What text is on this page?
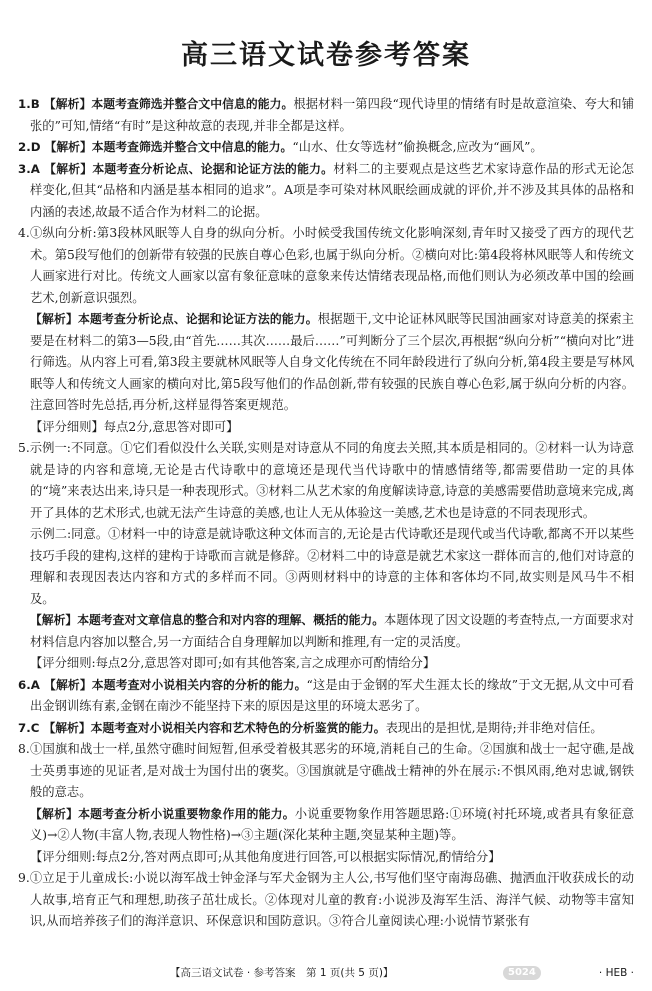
高三语文试卷参考答案

1.B 【解析】本题考查筛选并整合文中信息的能力。根据材料一第四段“现代诗里的情绪有时是故意渲染、夸大和铺张的”可知,情绪“有时”是这种故意的表现,并非全都是这样。

2.D 【解析】本题考查筛选并整合文中信息的能力。“山水、仕女等选材”偷换概念,应改为“画风”。

3.A 【解析】本题考查分析论点、论据和论证方法的能力。材料二的主要观点是这些艺术家诗意作品的形式无论怎样变化,但其“品格和内涵是基本相同的追求”。A项是李可染对林风眠绘画成就的评价,并不涉及其具体的品格和内涵的表述,故最不适合作为材料二的论据。

4.①纵向分析:第3段林风眠等人自身的纵向分析。小时候受我国传统文化影响深刻,青年时又接受了西方的现代艺术。第5段写他们的创新带有较强的民族自尊心色彩,也属于纵向分析。②横向对比:第4段将林风眠等人和传统文人画家进行对比。传统文人画家以富有象征意味的意象来传达情绪表现品格,而他们则认为必须改革中国的绘画艺术,创新意识强烈。

【解析】本题考查分析论点、论据和论证方法的能力。根据题干,文中论证林风眠等民国油画家对诗意美的探索主要是在材料二的第3—5段,由“首先……其次……最后……”可判断分了三个层次,再根据“纵向分析”“横向对比”进行筛选。从内容上可看,第3段主要就林风眠等人自身文化传统在不同年龄段进行了纵向分析,第4段主要是写林风眠等人和传统文人画家的横向对比,第5段写他们的作品创新,带有较强的民族自尊心色彩,属于纵向分析的内容。注意回答时先总括,再分析,这样显得答案更规范。

【评分细则】每点2分,意思答对即可】

5.示例一:不同意。①它们看似没什么关联,实则是对诗意从不同的角度去关照,其本质是相同的。②材料一认为诗意就是诗的内容和意境,无论是古代诗歌中的意境还是现代当代诗歌中的情感情绪等,都需要借助一定的具体的“境”来表达出来,诗只是一种表现形式。③材料二从艺术家的角度解读诗意,诗意的美感需要借助意境来完成,离开了具体的艺术形式,也就无法产生诗意的美感,也让人无从体验这一美感,艺术也是诗意的不同表现形式。

示例二:同意。①材料一中的诗意是就诗歌这种文体而言的,无论是古代诗歌还是现代或当代诗歌,都离不开以某些技巧手段的建构,这样的建构于诗歌而言就是修辞。②材料二中的诗意是就艺术家这一群体而言的,他们对诗意的理解和表现因表达内容和方式的多样而不同。③两则材料中的诗意的主体和客体均不同,故实则是风马牛不相及。

【解析】本题考查对文章信息的整合和对内容的理解、概括的能力。本题体现了因文设题的考查特点,一方面要求对材料信息内容加以整合,另一方面结合自身理解加以判断和推理,有一定的灵活度。

【评分细则:每点2分,意思答对即可;如有其他答案,言之成理亦可酌情给分】

6.A 【解析】本题考查对小说相关内容的分析的能力。“这是由于金钢的军犬生涯太长的缘故”于文无据,从文中可看出金钢训练有素,金钢在南沙不能坚持下来的原因是这里的环境太恶劣了。

7.C 【解析】本题考查对小说相关内容和艺术特色的分析鉴赏的能力。表现出的是担忧,是期待;并非绝对信任。

8.①国旗和战士一样,虽然守礁时间短暂,但承受着极其恶劣的环境,消耗自己的生命。②国旗和战士一起守礁,是战士英勇事迹的见证者,是对战士为国付出的褒奖。③国旗就是守礁战士精神的外在展示:不惧风雨,绝对忠诚,钢铁般的意志。

【解析】本题考查分析小说重要物象作用的能力。小说重要物象作用答题思路:①环境(衬托环境,或者具有象征意义)→②人物(丰富人物,表现人物性格)→③主题(深化某种主题,突显某种主题)等。

【评分细则:每点2分,答对两点即可;从其他角度进行回答,可以根据实际情况,酌情给分】

9.①立足于儿童成长:小说以海军战士钟金泽与军犬金钢为主人公,书写他们坚守南海岛礁、抛洒血汗收获成长的动人故事,培育正气和理想,助孩子茁壮成长。②体现对儿童的教育:小说涉及海军生活、海洋气候、动物等丰富知识,从而培养孩子们的海洋意识、环保意识和国防意识。③符合儿童阅读心理:小说情节紧张有

【高三语文试卷 · 参考答案　第 1 页(共 5 页)】	5024	· HEB ·
